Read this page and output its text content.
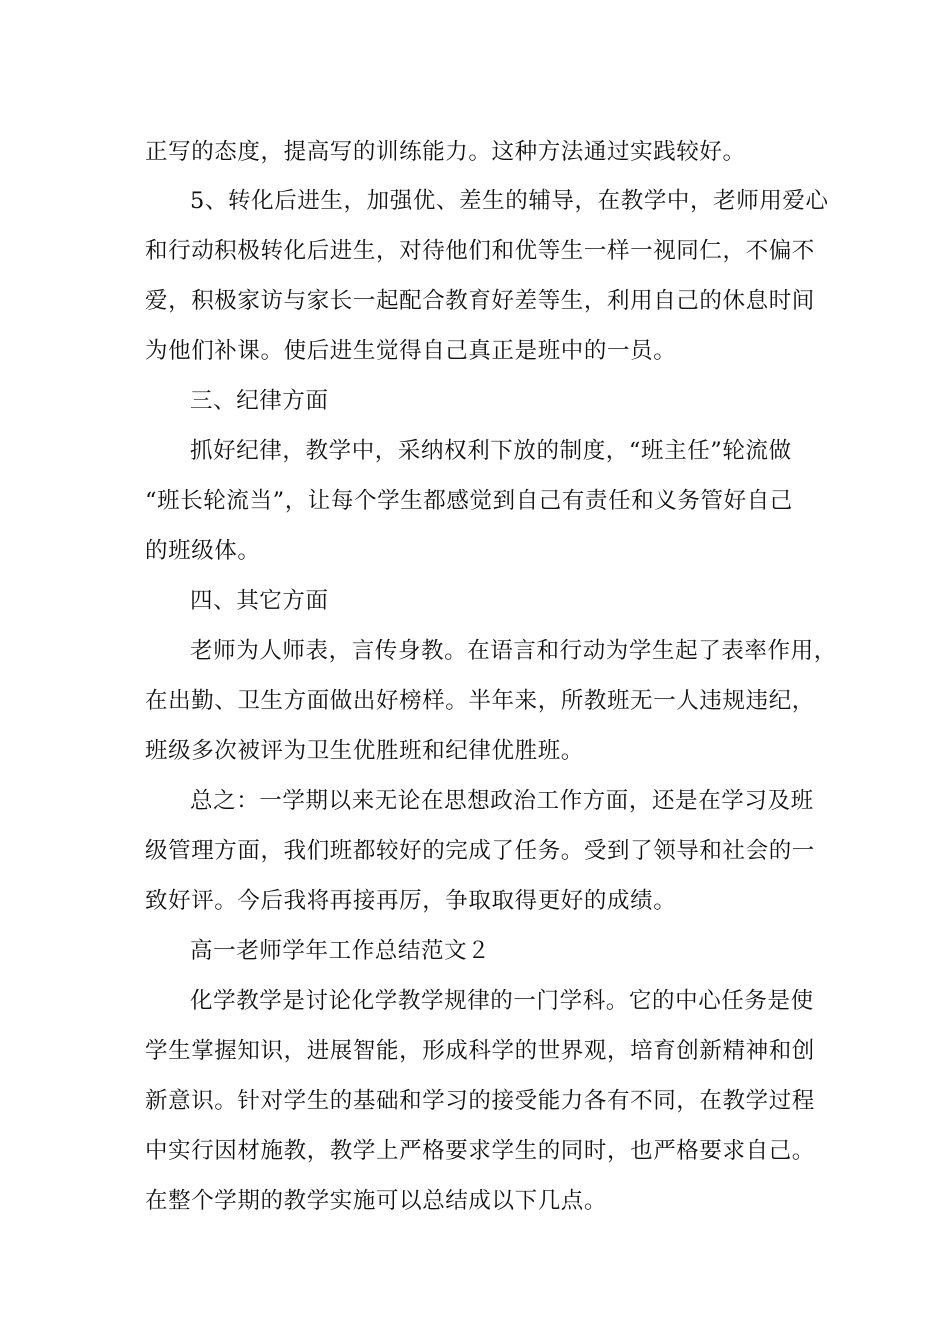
正写的态度，提高写的训练能力。这种方法通过实践较好。
5、转化后进生，加强优、差生的辅导，在教学中，老师用爱心
和行动积极转化后进生，对待他们和优等生一样一视同仁，不偏不
爱，积极家访与家长一起配合教育好差等生，利用自己的休息时间
为他们补课。使后进生觉得自己真正是班中的一员。
三、纪律方面
抓好纪律，教学中，采纳权利下放的制度，“班主任”轮流做
“班长轮流当”，让每个学生都感觉到自己有责任和义务管好自己
的班级体。
四、其它方面
老师为人师表，言传身教。在语言和行动为学生起了表率作用，
在出勤、卫生方面做出好榜样。半年来，所教班无一人违规违纪，
班级多次被评为卫生优胜班和纪律优胜班。
总之：一学期以来无论在思想政治工作方面，还是在学习及班
级管理方面，我们班都较好的完成了任务。受到了领导和社会的一
致好评。今后我将再接再厉，争取取得更好的成绩。
高一老师学年工作总结范文２
化学教学是讨论化学教学规律的一门学科。它的中心任务是使
学生掌握知识，进展智能，形成科学的世界观，培育创新精神和创
新意识。针对学生的基础和学习的接受能力各有不同，在教学过程
中实行因材施教，教学上严格要求学生的同时，也严格要求自己。
在整个学期的教学实施可以总结成以下几点。
